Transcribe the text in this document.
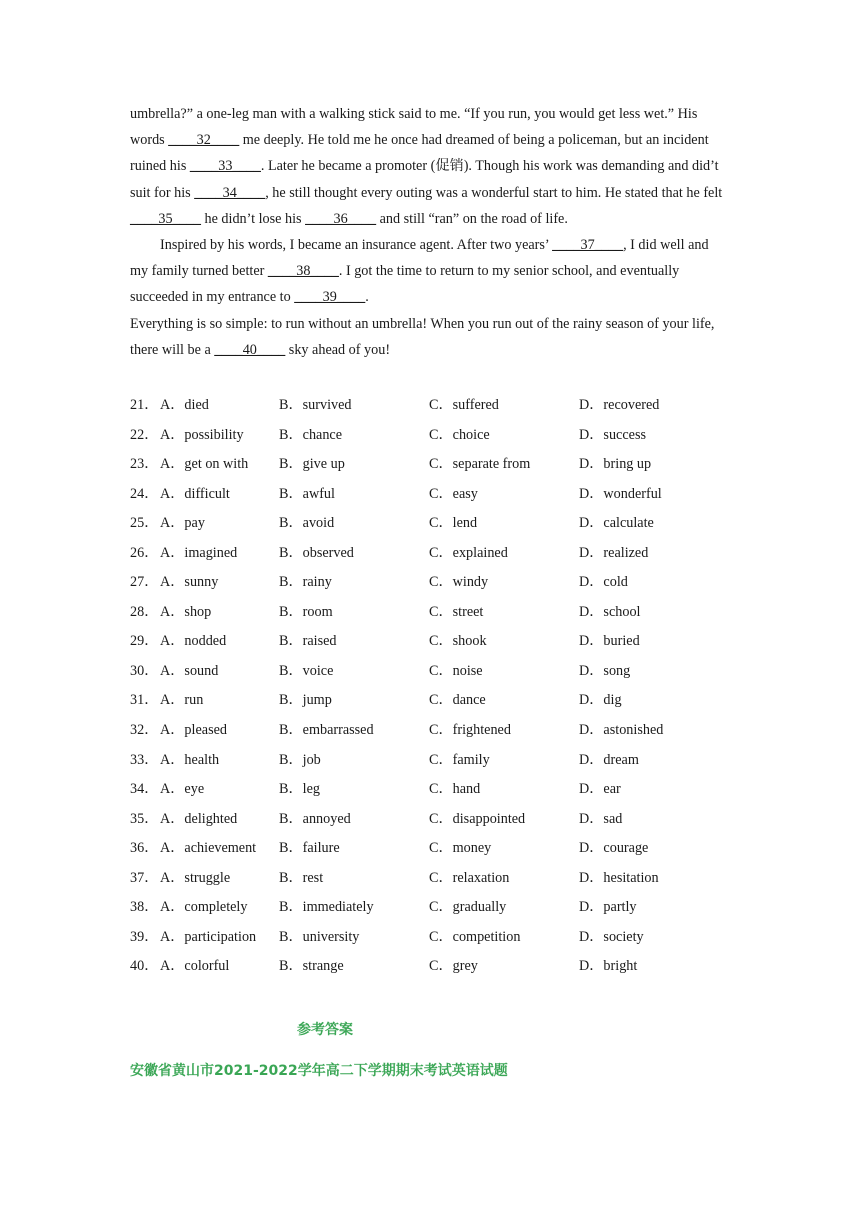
umbrella?” a one-leg man with a walking stick said to me. “If you run, you would get less wet.” His words ____32____ me deeply. He told me he once had dreamed of being a policeman, but an incident ruined his ____33____. Later he became a promoter (促销). Though his work was demanding and did’t suit for his ____34____, he still thought every outing was a wonderful start to him. He stated that he felt ____35____ he didn’t lose his ____36____ and still “ran” on the road of life.

Inspired by his words, I became an insurance agent. After two years’ ____37____, I did well and my family turned better ____38____. I got the time to return to my senior school, and eventually succeeded in my entrance to ____39____.

Everything is so simple: to run without an umbrella! When you run out of the rainy season of your life, there will be a ____40____ sky ahead of you!

21． A．died	B．survived	C．suffered	D．recovered
22． A．possibility B．chance	C．choice	D．success
23． A．get on with B．give up	C．separate from	D．bring up
24． A．difficult	B．awful	C．easy	D．wonderful
25． A．pay	B．avoid	C．lend	D．calculate
26． A．imagined	B．observed	C．explained	D．realized
27． A．sunny	B．rainy	C．windy	D．cold
28． A．shop	B．room	C．street	D．school
29． A．nodded	B．raised	C．shook	D．buried
30． A．sound	B．voice	C．noise	D．song
31． A．run	B．jump	C．dance	D．dig
32． A．pleased	B．embarrassed	C．frightened	D．astonished
33． A．health	B．job	C．family	D．dream
34． A．eye	B．leg	C．hand	D．ear
35． A．delighted	B．annoyed	C．disappointed	D．sad
36． A．achievement B．failure	C．money	D．courage
37． A．struggle	B．rest	C．relaxation	D．hesitation
38． A．completely B．immediately	C．gradually	D．partly
39． A．participation B．university	C．competition	D．society
40． A．colorful	B．strange	C．grey	D．bright
参考答案
安徽省黄山市2021-2022学年高二下学期期末考试英语试题
